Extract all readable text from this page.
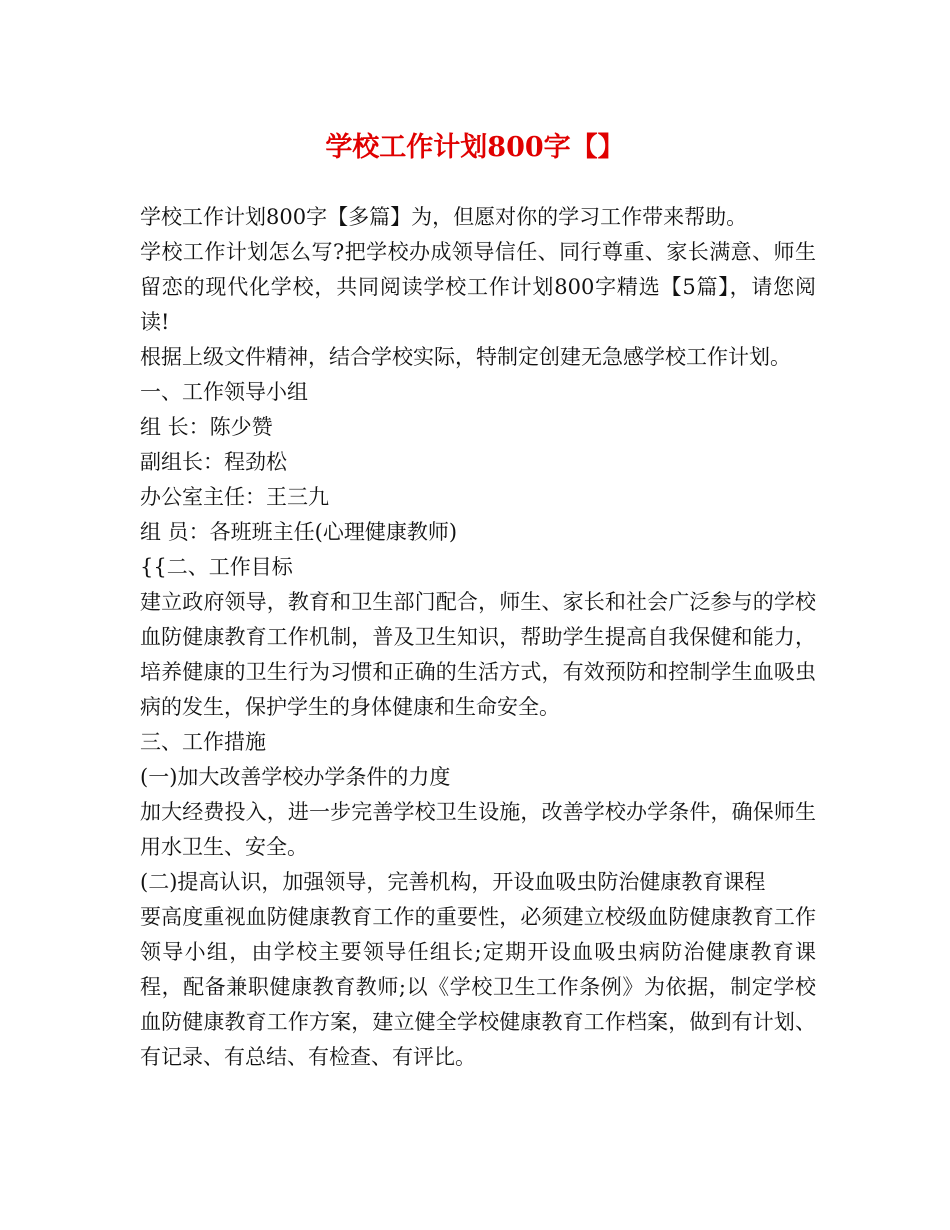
学校工作计划800字【】

学校工作计划800字【多篇】为，但愿对你的学习工作带来帮助。

学校工作计划怎么写?把学校办成领导信任、同行尊重、家长满意、师生留恋的现代化学校，共同阅读学校工作计划800字精选【5篇】，请您阅读!

根据上级文件精神，结合学校实际，特制定创建无急感学校工作计划。

一、工作领导小组

组 长：陈少赞

副组长：程劲松

办公室主任：王三九

组 员：各班班主任(心理健康教师)

{{二、工作目标

建立政府领导，教育和卫生部门配合，师生、家长和社会广泛参与的学校血防健康教育工作机制，普及卫生知识，帮助学生提高自我保健和能力，培养健康的卫生行为习惯和正确的生活方式，有效预防和控制学生血吸虫病的发生，保护学生的身体健康和生命安全。

三、工作措施

(一)加大改善学校办学条件的力度

加大经费投入，进一步完善学校卫生设施，改善学校办学条件，确保师生用水卫生、安全。

(二)提高认识，加强领导，完善机构，开设血吸虫防治健康教育课程

要高度重视血防健康教育工作的重要性，必须建立校级血防健康教育工作领导小组，由学校主要领导任组长;定期开设血吸虫病防治健康教育课程，配备兼职健康教育教师;以《学校卫生工作条例》为依据，制定学校血防健康教育工作方案，建立健全学校健康教育工作档案，做到有计划、有记录、有总结、有检查、有评比。
